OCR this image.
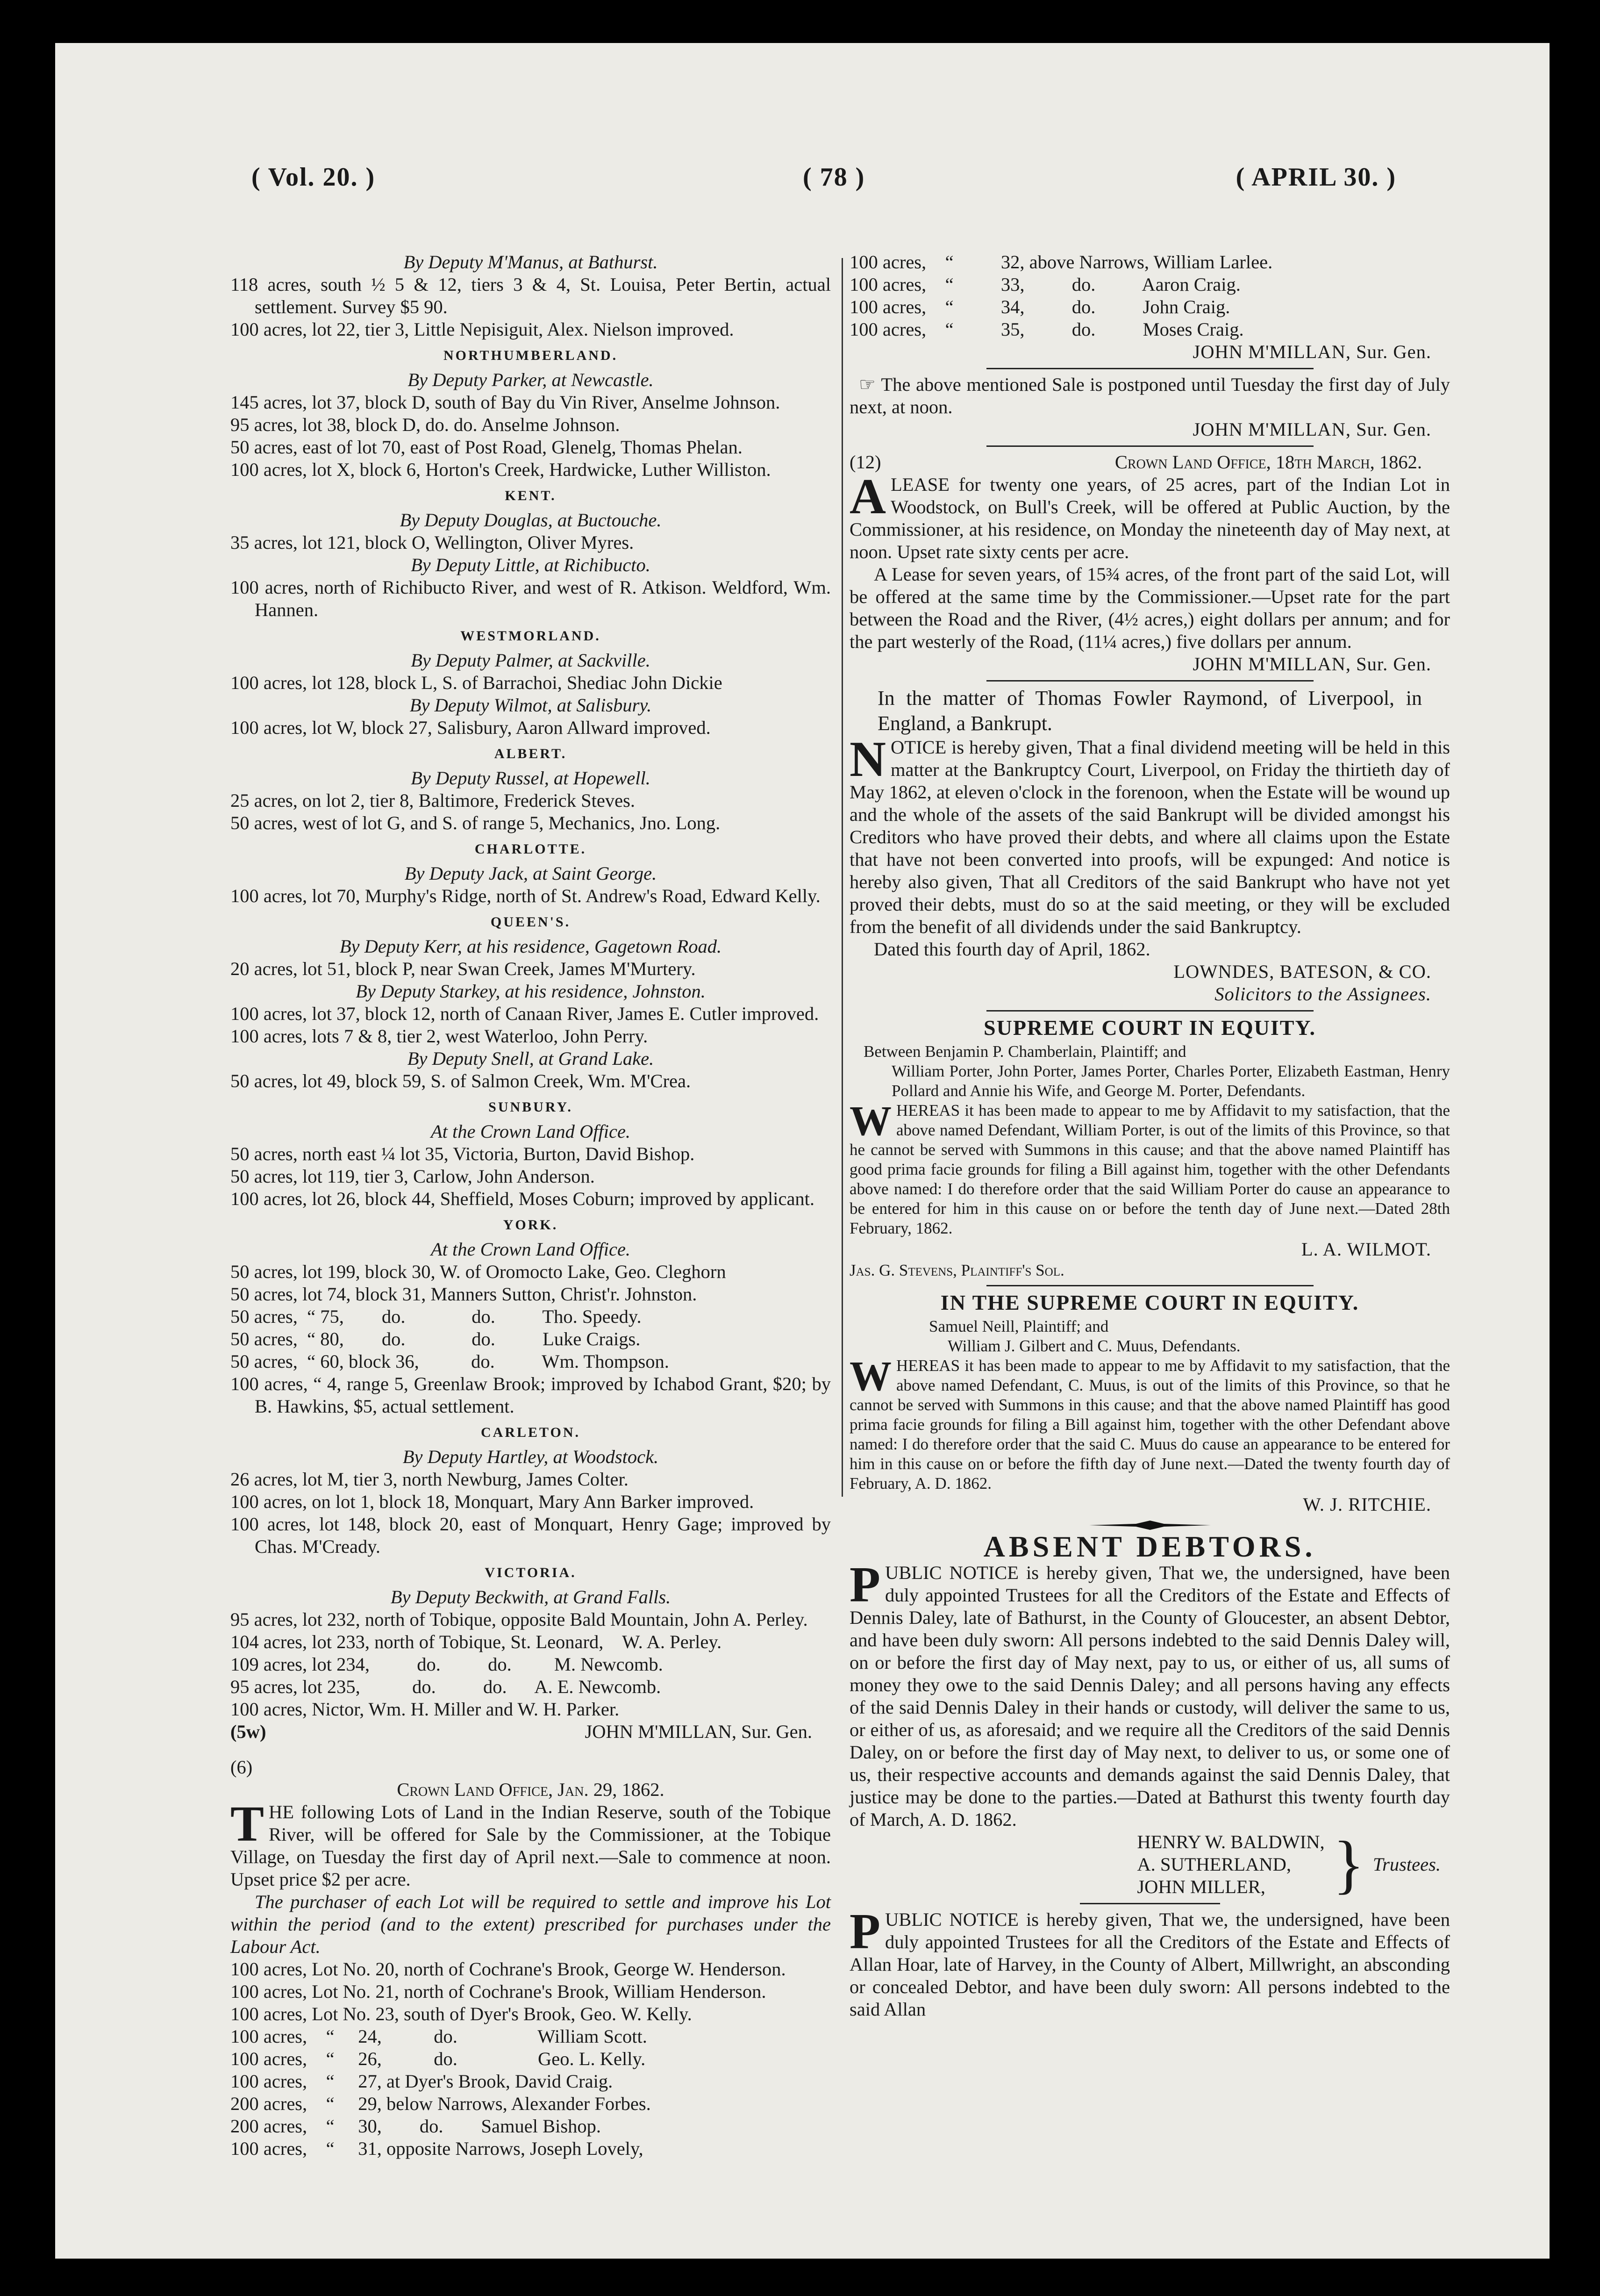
( Vol. 20. )	( 78 )	( APRIL 30. )

By Deputy M'Manus, at Bathurst.

118 acres, south ½ 5 & 12, tiers 3 & 4, St. Louisa, Peter Bertin, actual settlement. Survey $5 90.

100 acres, lot 22, tier 3, Little Nepisiguit, Alex. Nielson improved.

NORTHUMBERLAND.

By Deputy Parker, at Newcastle.

145 acres, lot 37, block D, south of Bay du Vin River, Anselme Johnson.

95 acres, lot 38, block D, do. do. Anselme Johnson.

50 acres, east of lot 70, east of Post Road, Glenelg, Thomas Phelan.

100 acres, lot X, block 6, Horton's Creek, Hardwicke, Luther Williston.

KENT.

By Deputy Douglas, at Buctouche.

35 acres, lot 121, block O, Wellington, Oliver Myres.

By Deputy Little, at Richibucto.

100 acres, north of Richibucto River, and west of R. Atkison. Weldford, Wm. Hannen.

WESTMORLAND.

By Deputy Palmer, at Sackville.

100 acres, lot 128, block L, S. of Barrachoi, Shediac John Dickie

By Deputy Wilmot, at Salisbury.

100 acres, lot W, block 27, Salisbury, Aaron Allward improved.

ALBERT.

By Deputy Russel, at Hopewell.

25 acres, on lot 2, tier 8, Baltimore, Frederick Steves.

50 acres, west of lot G, and S. of range 5, Mechanics, Jno. Long.

CHARLOTTE.

By Deputy Jack, at Saint George.

100 acres, lot 70, Murphy's Ridge, north of St. Andrew's Road, Edward Kelly.

QUEEN'S.

By Deputy Kerr, at his residence, Gagetown Road.

20 acres, lot 51, block P, near Swan Creek, James M'Murtery.

By Deputy Starkey, at his residence, Johnston.

100 acres, lot 37, block 12, north of Canaan River, James E. Cutler improved.

100 acres, lots 7 & 8, tier 2, west Waterloo, John Perry.

By Deputy Snell, at Grand Lake.

50 acres, lot 49, block 59, S. of Salmon Creek, Wm. M'Crea.

SUNBURY.

At the Crown Land Office.

50 acres, north east ¼ lot 35, Victoria, Burton, David Bishop.

50 acres, lot 119, tier 3, Carlow, John Anderson.

100 acres, lot 26, block 44, Sheffield, Moses Coburn; improved by applicant.

YORK.

At the Crown Land Office.

50 acres, lot 199, block 30, W. of Oromocto Lake, Geo. Cleghorn

50 acres, lot 74, block 31, Manners Sutton, Christ'r. Johnston.

50 acres,  “ 75,        do.              do.          Tho. Speedy.

50 acres,  “ 80,        do.              do.          Luke Craigs.

50 acres,  “ 60, block 36,           do.          Wm. Thompson.

100 acres, “ 4, range 5, Greenlaw Brook; improved by Ichabod Grant, $20; by B. Hawkins, $5, actual settlement.

CARLETON.

By Deputy Hartley, at Woodstock.

26 acres, lot M, tier 3, north Newburg, James Colter.

100 acres, on lot 1, block 18, Monquart, Mary Ann Barker improved.

100 acres, lot 148, block 20, east of Monquart, Henry Gage; improved by Chas. M'Cready.

VICTORIA.

By Deputy Beckwith, at Grand Falls.

95 acres, lot 232, north of Tobique, opposite Bald Mountain, John A. Perley.

104 acres, lot 233, north of Tobique, St. Leonard,    W. A. Perley.

109 acres, lot 234,          do.          do.         M. Newcomb.

95 acres, lot 235,           do.          do.      A. E. Newcomb.

100 acres, Nictor, Wm. H. Miller and W. H. Parker.

(5w)	JOHN M'MILLAN, Sur. Gen.

(6)

Crown Land Office, Jan. 29, 1862.

THE following Lots of Land in the Indian Reserve, south of the Tobique River, will be offered for Sale by the Commissioner, at the Tobique Village, on Tuesday the first day of April next.—Sale to commence at noon. Upset price $2 per acre.

The purchaser of each Lot will be required to settle and improve his Lot within the period (and to the extent) prescribed for purchases under the Labour Act.

100 acres, Lot No. 20, north of Cochrane's Brook, George W. Henderson.

100 acres, Lot No. 21, north of Cochrane's Brook, William Henderson.

100 acres, Lot No. 23, south of Dyer's Brook, Geo. W. Kelly.

100 acres,    “     24,           do.                 William Scott.

100 acres,    “     26,           do.                 Geo. L. Kelly.

100 acres,    “     27, at Dyer's Brook, David Craig.

200 acres,    “     29, below Narrows, Alexander Forbes.

200 acres,    “     30,        do.        Samuel Bishop.

100 acres,    “     31, opposite Narrows, Joseph Lovely,

100 acres,    “          32, above Narrows, William Larlee.

100 acres,    “          33,          do.          Aaron Craig.

100 acres,    “          34,          do.          John Craig.

100 acres,    “          35,          do.          Moses Craig.

JOHN M'MILLAN, Sur. Gen.

☞ The above mentioned Sale is postponed until Tuesday the first day of July next, at noon.

JOHN M'MILLAN, Sur. Gen.

(12)	Crown Land Office, 18th March, 1862.

ALEASE for twenty one years, of 25 acres, part of the Indian Lot in Woodstock, on Bull's Creek, will be offered at Public Auction, by the Commissioner, at his residence, on Monday the nineteenth day of May next, at noon. Upset rate sixty cents per acre.

A Lease for seven years, of 15¾ acres, of the front part of the said Lot, will be offered at the same time by the Commissioner.—Upset rate for the part between the Road and the River, (4½ acres,) eight dollars per annum; and for the part westerly of the Road, (11¼ acres,) five dollars per annum.

JOHN M'MILLAN, Sur. Gen.

In the matter of Thomas Fowler Raymond, of Liverpool, in England, a Bankrupt.

NOTICE is hereby given, That a final dividend meeting will be held in this matter at the Bankruptcy Court, Liverpool, on Friday the thirtieth day of May 1862, at eleven o'clock in the forenoon, when the Estate will be wound up and the whole of the assets of the said Bankrupt will be divided amongst his Creditors who have proved their debts, and where all claims upon the Estate that have not been converted into proofs, will be expunged: And notice is hereby also given, That all Creditors of the said Bankrupt who have not yet proved their debts, must do so at the said meeting, or they will be excluded from the benefit of all dividends under the said Bankruptcy.

Dated this fourth day of April, 1862.

LOWNDES, BATESON, & CO.

Solicitors to the Assignees.

SUPREME COURT IN EQUITY.

Between Benjamin P. Chamberlain, Plaintiff; and

William Porter, John Porter, James Porter, Charles Porter, Elizabeth Eastman, Henry Pollard and Annie his Wife, and George M. Porter, Defendants.

WHEREAS it has been made to appear to me by Affidavit to my satisfaction, that the above named Defendant, William Porter, is out of the limits of this Province, so that he cannot be served with Summons in this cause; and that the above named Plaintiff has good prima facie grounds for filing a Bill against him, together with the other Defendants above named: I do therefore order that the said William Porter do cause an appearance to be entered for him in this cause on or before the tenth day of June next.—Dated 28th February, 1862.

L. A. WILMOT.

Jas. G. Stevens, Plaintiff's Sol.

IN THE SUPREME COURT IN EQUITY.

Samuel Neill, Plaintiff; and

William J. Gilbert and C. Muus, Defendants.

WHEREAS it has been made to appear to me by Affidavit to my satisfaction, that the above named Defendant, C. Muus, is out of the limits of this Province, so that he cannot be served with Summons in this cause; and that the above named Plaintiff has good prima facie grounds for filing a Bill against him, together with the other Defendant above named: I do therefore order that the said C. Muus do cause an appearance to be entered for him in this cause on or before the fifth day of June next.—Dated the twenty fourth day of February, A. D. 1862.

W. J. RITCHIE.

ABSENT DEBTORS.

PUBLIC NOTICE is hereby given, That we, the undersigned, have been duly appointed Trustees for all the Creditors of the Estate and Effects of Dennis Daley, late of Bathurst, in the County of Gloucester, an absent Debtor, and have been duly sworn: All persons indebted to the said Dennis Daley will, on or before the first day of May next, pay to us, or either of us, all sums of money they owe to the said Dennis Daley; and all persons having any effects of the said Dennis Daley in their hands or custody, will deliver the same to us, or either of us, as aforesaid; and we require all the Creditors of the said Dennis Daley, on or before the first day of May next, to deliver to us, or some one of us, their respective accounts and demands against the said Dennis Daley, that justice may be done to the parties.—Dated at Bathurst this twenty fourth day of March, A. D. 1862.

HENRY W. BALDWIN,

A. SUTHERLAND,

JOHN MILLER,	} Trustees.

PUBLIC NOTICE is hereby given, That we, the undersigned, have been duly appointed Trustees for all the Creditors of the Estate and Effects of Allan Hoar, late of Harvey, in the County of Albert, Millwright, an absconding or concealed Debtor, and have been duly sworn: All persons indebted to the said Allan
